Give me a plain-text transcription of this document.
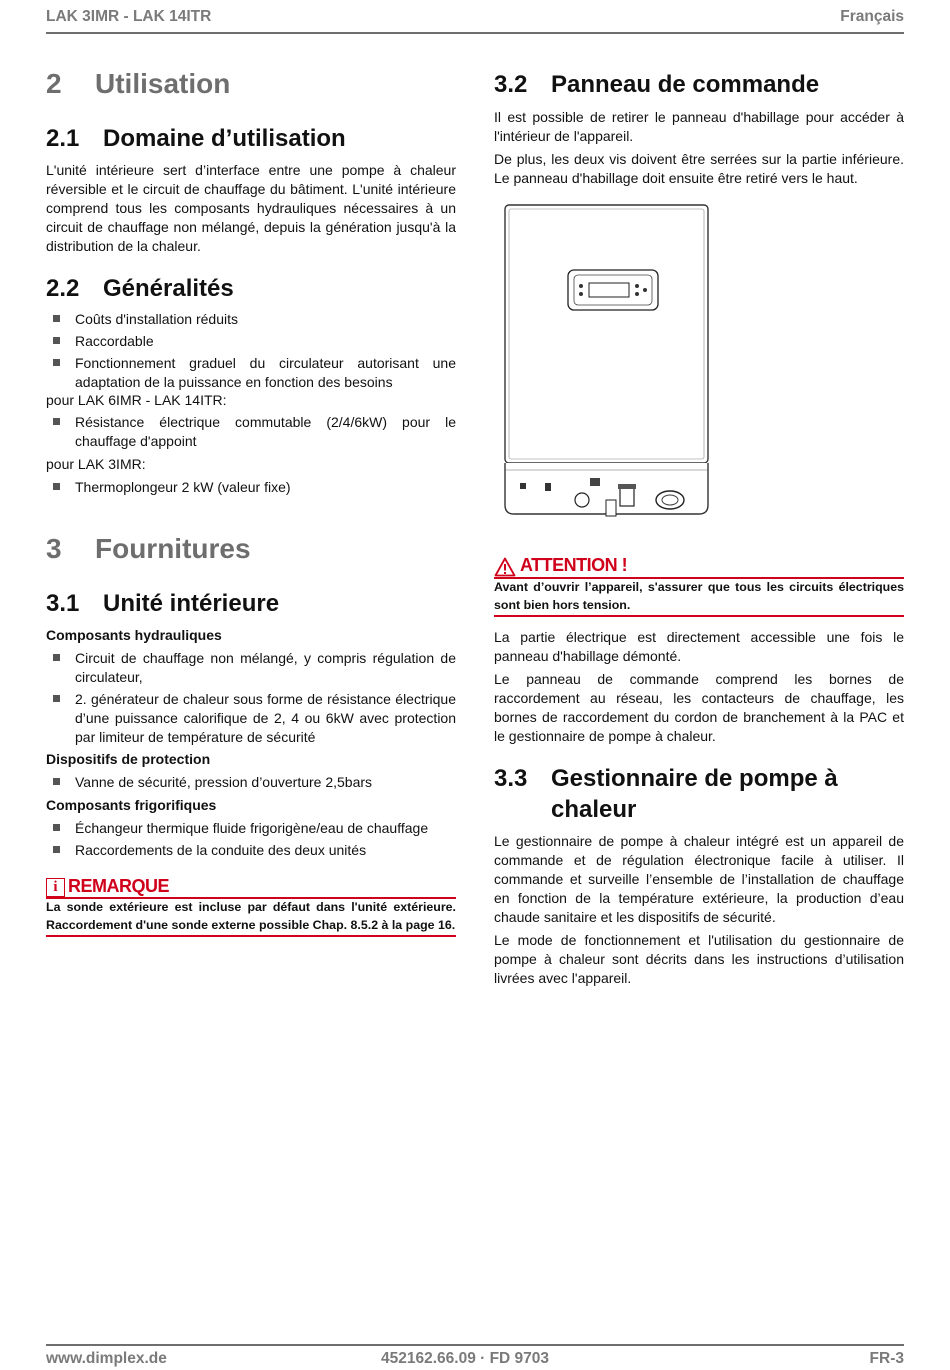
LAK 3IMR - LAK 14ITR	Français
2 Utilisation
2.1 Domaine d’utilisation
L'unité intérieure sert d’interface entre une pompe à chaleur réversible et le circuit de chauffage du bâtiment. L'unité intérieure comprend tous les composants hydrauliques nécessaires à un circuit de chauffage non mélangé, depuis la génération jusqu'à la distribution de la chaleur.
2.2 Généralités
Coûts d'installation réduits
Raccordable
Fonctionnement graduel du circulateur autorisant une adaptation de la puissance en fonction des besoins
pour LAK 6IMR - LAK 14ITR:
Résistance électrique commutable (2/4/6kW) pour le chauffage d'appoint
pour LAK 3IMR:
Thermoplongeur 2 kW (valeur fixe)
3 Fournitures
3.1 Unité intérieure
Composants hydrauliques
Circuit de chauffage non mélangé, y compris régulation de circulateur,
2. générateur de chaleur sous forme de résistance électrique d’une puissance calorifique de 2, 4 ou 6kW avec protection par limiteur de température de sécurité
Dispositifs de protection
Vanne de sécurité, pression d’ouverture 2,5bars
Composants frigorifiques
Échangeur thermique fluide frigorigène/eau de chauffage
Raccordements de la conduite des deux unités
i REMARQUE
La sonde extérieure est incluse par défaut dans l'unité extérieure. Raccordement d'une sonde externe possible Chap. 8.5.2 à la page 16.
3.2 Panneau de commande
Il est possible de retirer le panneau d'habillage pour accéder à l'intérieur de l'appareil.
De plus, les deux vis doivent être serrées sur la partie inférieure. Le panneau d'habillage doit ensuite être retiré vers le haut.
ATTENTION !
Avant d’ouvrir l’appareil, s'assurer que tous les circuits électriques sont bien hors tension.
La partie électrique est directement accessible une fois le panneau d'habillage démonté.
Le panneau de commande comprend les bornes de raccordement au réseau, les contacteurs de chauffage, les bornes de raccordement du cordon de branchement à la PAC et le gestionnaire de pompe à chaleur.
3.3 Gestionnaire de pompe à
chaleur
Le gestionnaire de pompe à chaleur intégré est un appareil de commande et de régulation électronique facile à utiliser. Il commande et surveille l’ensemble de l’installation de chauffage en fonction de la température extérieure, la production d’eau chaude sanitaire et les dispositifs de sécurité.
Le mode de fonctionnement et l'utilisation du gestionnaire de pompe à chaleur sont décrits dans les instructions d’utilisation livrées avec l'appareil.
www.dimplex.de	452162.66.09 · FD 9703	FR-3
